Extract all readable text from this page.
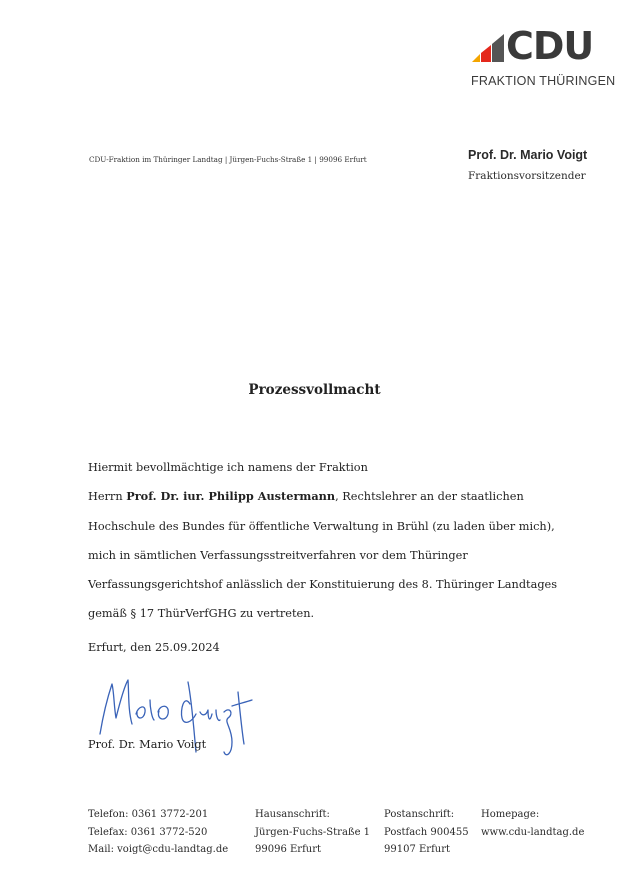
CDU
FRAKTION THÜRINGEN
CDU-Fraktion im Thüringer Landtag | Jürgen-Fuchs-Straße 1 | 99096 Erfurt	Prof. Dr. Mario Voigt
Fraktionsvorsitzender
Prozessvollmacht

Hiermit bevollmächtige ich namens der Fraktion

Herrn Prof. Dr. iur. Philipp Austermann, Rechtslehrer an der staatlichen

Hochschule des Bundes für öffentliche Verwaltung in Brühl (zu laden über mich),

mich in sämtlichen Verfassungsstreitverfahren vor dem Thüringer

Verfassungsgerichtshof anlässlich der Konstituierung des 8. Thüringer Landtages

gemäß § 17 ThürVerfGHG zu vertreten.

Erfurt, den 25.09.2024
Prof. Dr. Mario Voigt
Telefon: 0361 3772-201
Telefax: 0361 3772-520
Mail: voigt@cdu-landtag.de
Hausanschrift:
Jürgen-Fuchs-Straße 1
99096 Erfurt
Postanschrift:
Postfach 900455
99107 Erfurt
Homepage:
www.cdu-landtag.de
